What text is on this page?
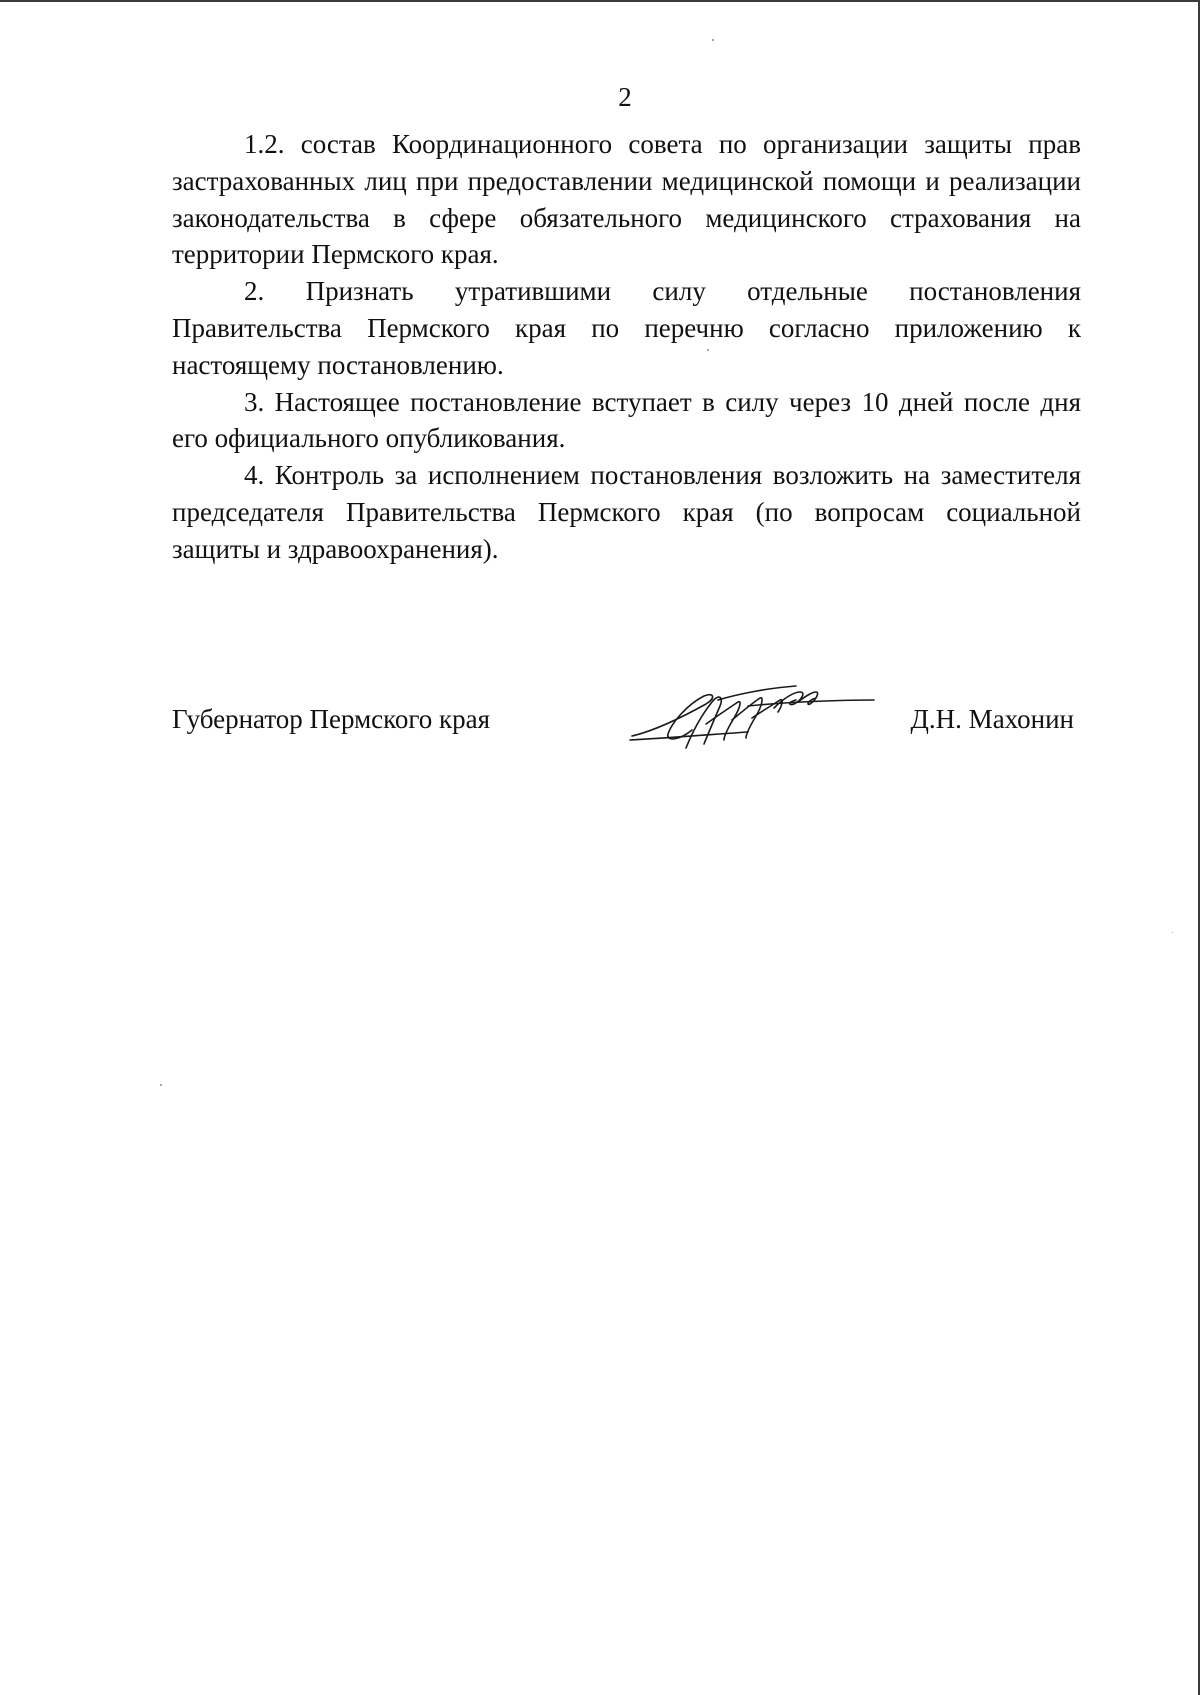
2

1.2. состав Координационного совета по организации защиты прав застрахованных лиц при предоставлении медицинской помощи и реализации законодательства в сфере обязательного медицинского страхования на территории Пермского края.

2. Признать утратившими силу отдельные постановления Правительства Пермского края по перечню согласно приложению к настоящему постановлению.

3. Настоящее постановление вступает в силу через 10 дней после дня его официального опубликования.

4. Контроль за исполнением постановления возложить на заместителя председателя Правительства Пермского края (по вопросам социальной защиты и здравоохранения).

Губернатор Пермского края	Д.Н. Махонин
